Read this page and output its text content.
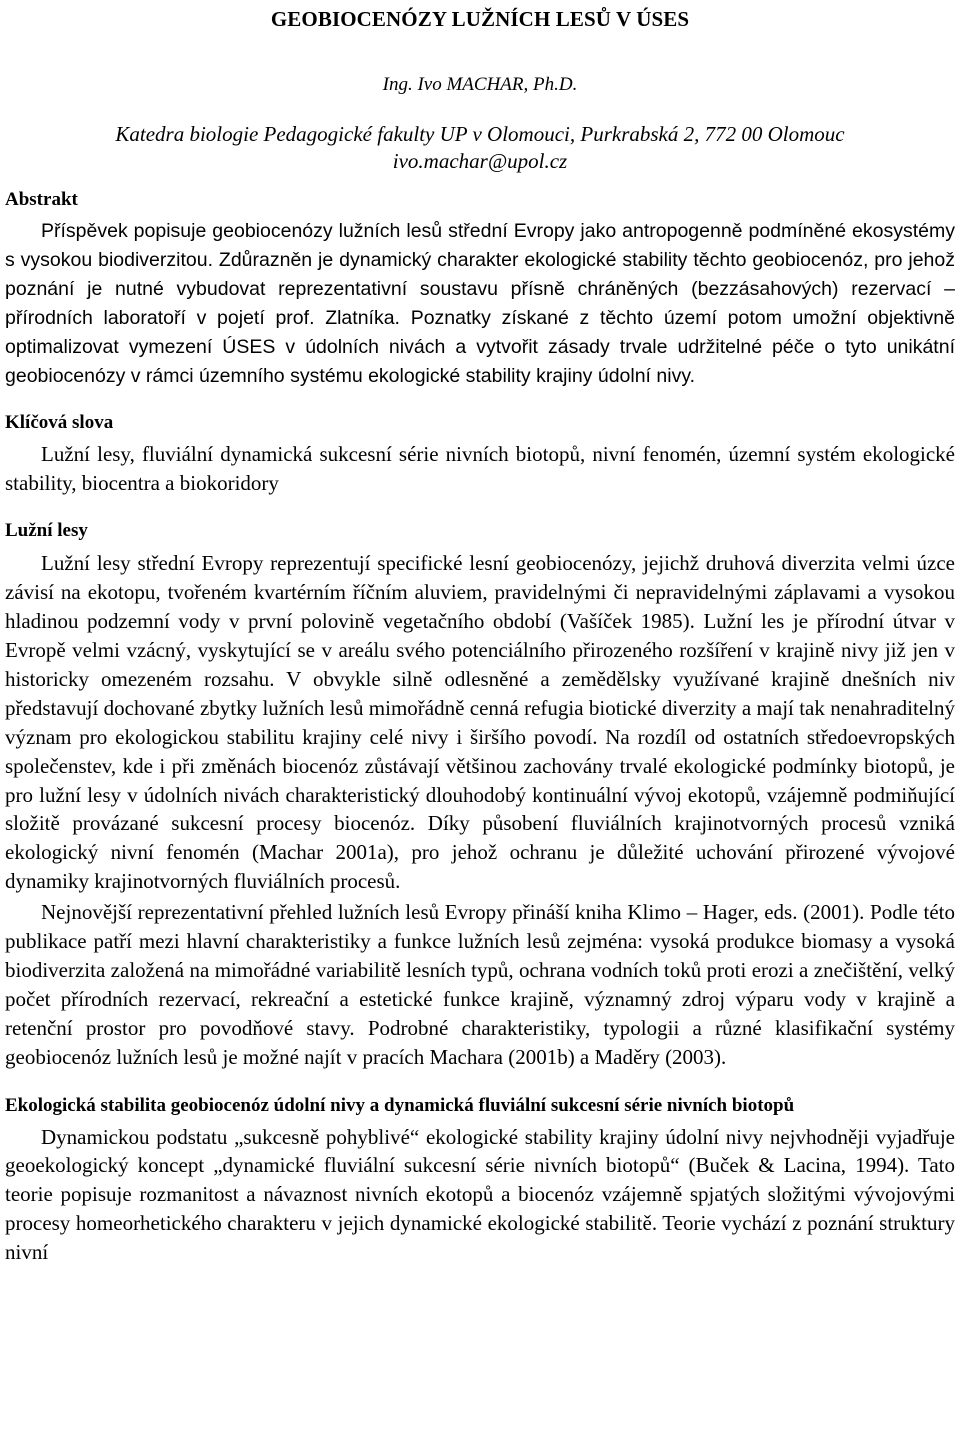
GEOBIOCENÓZY LUŽNÍCH LESŮ V ÚSES
Ing. Ivo MACHAR, Ph.D.
Katedra biologie Pedagogické fakulty UP v Olomouci, Purkrabská 2, 772 00 Olomouc
ivo.machar@upol.cz
Abstrakt

Příspěvek popisuje geobiocenózy lužních lesů střední Evropy jako antropogenně podmíněné ekosystémy s vysokou biodiverzitou. Zdůrazněn je dynamický charakter ekologické stability těchto geobiocenóz, pro jehož poznání je nutné vybudovat reprezentativní soustavu přísně chráněných (bezzásahových) rezervací – přírodních laboratoří v pojetí prof. Zlatníka. Poznatky získané z těchto území potom umožní objektivně optimalizovat vymezení ÚSES v údolních nivách a vytvořit zásady trvale udržitelné péče o tyto unikátní geobiocenózy v rámci územního systému ekologické stability krajiny údolní nivy.

Klíčová slova

Lužní lesy, fluviální dynamická sukcesní série nivních biotopů, nivní fenomén, územní systém ekologické stability, biocentra a biokoridory

Lužní lesy

Lužní lesy střední Evropy reprezentují specifické lesní geobiocenózy, jejichž druhová diverzita velmi úzce závisí na ekotopu, tvořeném kvartérním říčním aluviem, pravidelnými či nepravidelnými záplavami a vysokou hladinou podzemní vody v první polovině vegetačního období (Vašíček 1985). Lužní les je přírodní útvar v Evropě velmi vzácný, vyskytující se v areálu svého potenciálního přirozeného rozšíření v krajině nivy již jen v historicky omezeném rozsahu. V obvykle silně odlesněné a zemědělsky využívané krajině dnešních niv představují dochované zbytky lužních lesů mimořádně cenná refugia biotické diverzity a mají tak nenahraditelný význam pro ekologickou stabilitu krajiny celé nivy i širšího povodí. Na rozdíl od ostatních středoevropských společenstev, kde i při změnách biocenóz zůstávají většinou zachovány trvalé ekologické podmínky biotopů, je pro lužní lesy v údolních nivách charakteristický dlouhodobý kontinuální vývoj ekotopů, vzájemně podmiňující složitě provázané sukcesní procesy biocenóz. Díky působení fluviálních krajinotvorných procesů vzniká ekologický nivní fenomén (Machar 2001a), pro jehož ochranu je důležité uchování přirozené vývojové dynamiky krajinotvorných fluviálních procesů.

Nejnovější reprezentativní přehled lužních lesů Evropy přináší kniha Klimo – Hager, eds. (2001). Podle této publikace patří mezi hlavní charakteristiky a funkce lužních lesů zejména: vysoká produkce biomasy a vysoká biodiverzita založená na mimořádné variabilitě lesních typů, ochrana vodních toků proti erozi a znečištění, velký počet přírodních rezervací, rekreační a estetické funkce krajině, významný zdroj výparu vody v krajině a retenční prostor pro povodňové stavy. Podrobné charakteristiky, typologii a různé klasifikační systémy geobiocenóz lužních lesů je možné najít v pracích Machara (2001b) a Maděry (2003).

Ekologická stabilita geobiocenóz údolní nivy a dynamická fluviální sukcesní série nivních biotopů

Dynamickou podstatu „sukcesně pohyblivé“ ekologické stability krajiny údolní nivy nejvhodněji vyjadřuje geoekologický koncept „dynamické fluviální sukcesní série nivních biotopů“ (Buček & Lacina, 1994). Tato teorie popisuje rozmanitost a návaznost nivních ekotopů a biocenóz vzájemně spjatých složitými vývojovými procesy homeorhetického charakteru v jejich dynamické ekologické stabilitě. Teorie vychází z poznání struktury nivní
